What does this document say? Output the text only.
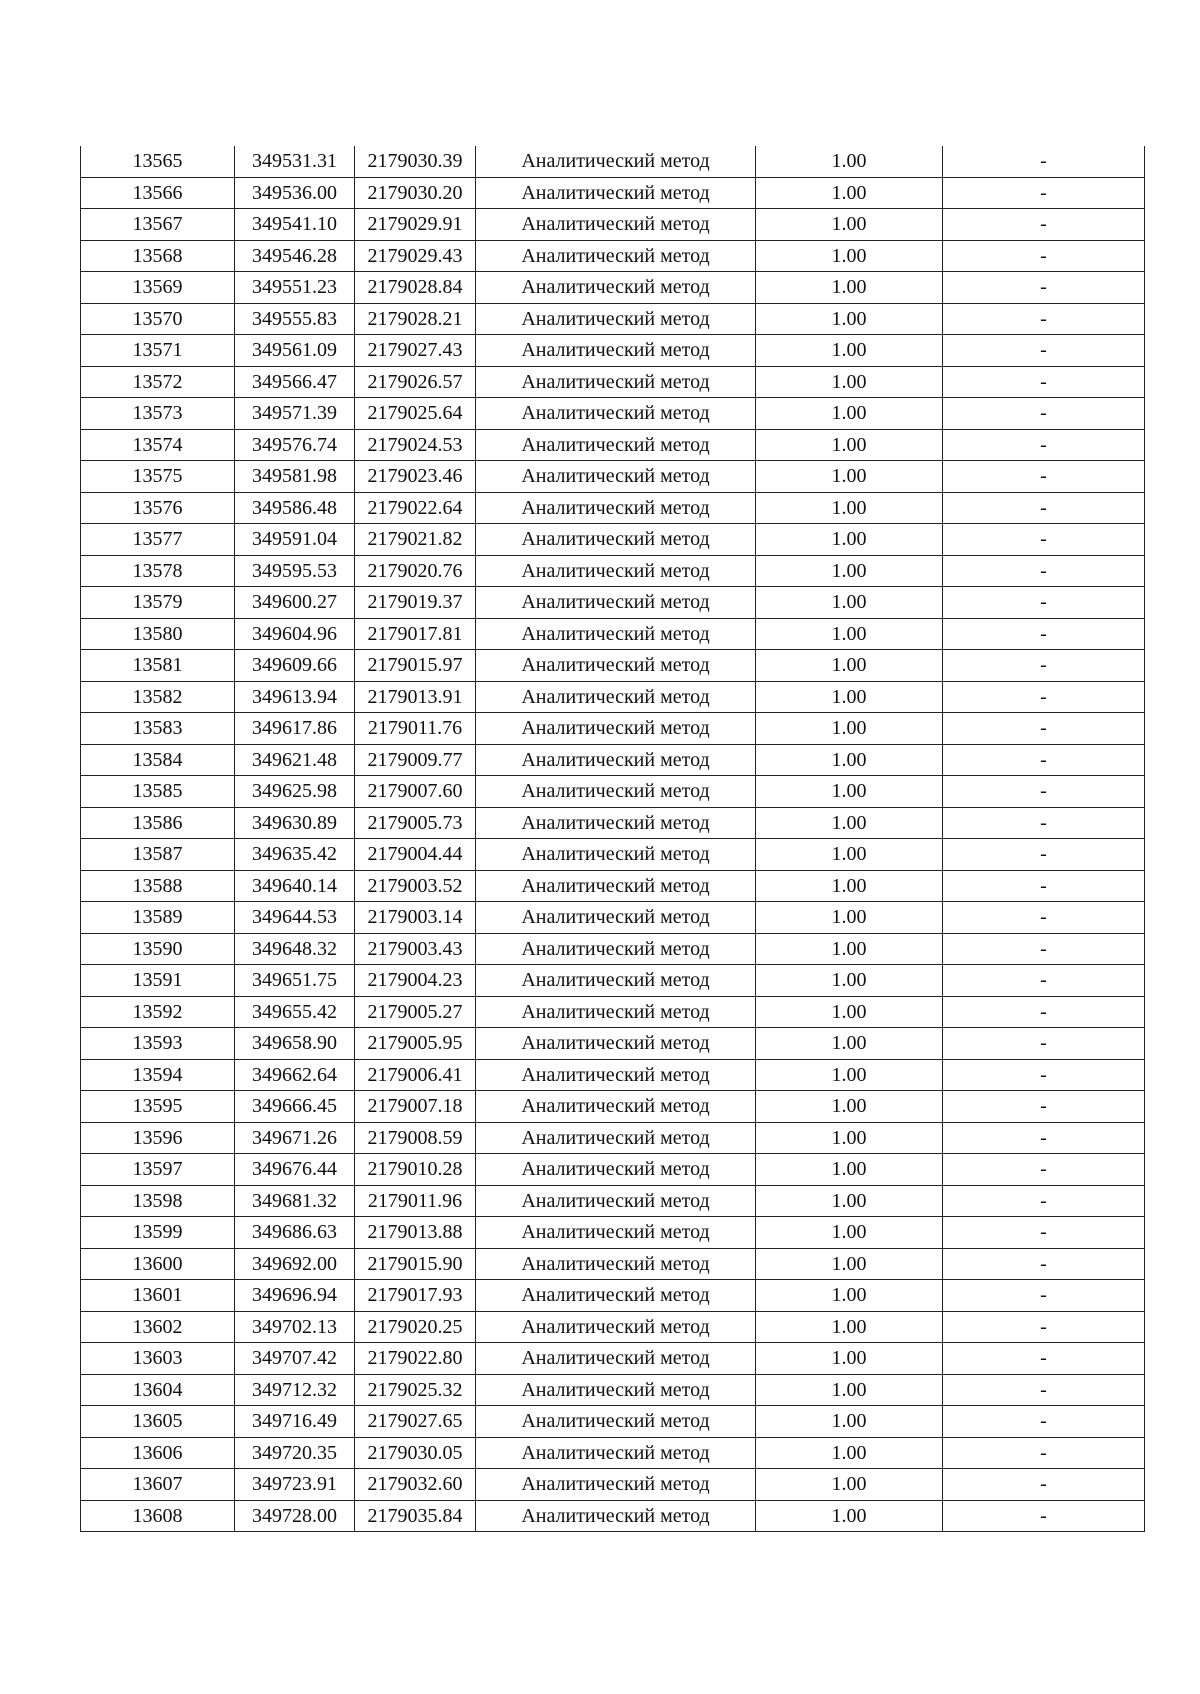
13565	349531.31	2179030.39	Аналитический метод	1.00	-
13566	349536.00	2179030.20	Аналитический метод	1.00	-
13567	349541.10	2179029.91	Аналитический метод	1.00	-
13568	349546.28	2179029.43	Аналитический метод	1.00	-
13569	349551.23	2179028.84	Аналитический метод	1.00	-
13570	349555.83	2179028.21	Аналитический метод	1.00	-
13571	349561.09	2179027.43	Аналитический метод	1.00	-
13572	349566.47	2179026.57	Аналитический метод	1.00	-
13573	349571.39	2179025.64	Аналитический метод	1.00	-
13574	349576.74	2179024.53	Аналитический метод	1.00	-
13575	349581.98	2179023.46	Аналитический метод	1.00	-
13576	349586.48	2179022.64	Аналитический метод	1.00	-
13577	349591.04	2179021.82	Аналитический метод	1.00	-
13578	349595.53	2179020.76	Аналитический метод	1.00	-
13579	349600.27	2179019.37	Аналитический метод	1.00	-
13580	349604.96	2179017.81	Аналитический метод	1.00	-
13581	349609.66	2179015.97	Аналитический метод	1.00	-
13582	349613.94	2179013.91	Аналитический метод	1.00	-
13583	349617.86	2179011.76	Аналитический метод	1.00	-
13584	349621.48	2179009.77	Аналитический метод	1.00	-
13585	349625.98	2179007.60	Аналитический метод	1.00	-
13586	349630.89	2179005.73	Аналитический метод	1.00	-
13587	349635.42	2179004.44	Аналитический метод	1.00	-
13588	349640.14	2179003.52	Аналитический метод	1.00	-
13589	349644.53	2179003.14	Аналитический метод	1.00	-
13590	349648.32	2179003.43	Аналитический метод	1.00	-
13591	349651.75	2179004.23	Аналитический метод	1.00	-
13592	349655.42	2179005.27	Аналитический метод	1.00	-
13593	349658.90	2179005.95	Аналитический метод	1.00	-
13594	349662.64	2179006.41	Аналитический метод	1.00	-
13595	349666.45	2179007.18	Аналитический метод	1.00	-
13596	349671.26	2179008.59	Аналитический метод	1.00	-
13597	349676.44	2179010.28	Аналитический метод	1.00	-
13598	349681.32	2179011.96	Аналитический метод	1.00	-
13599	349686.63	2179013.88	Аналитический метод	1.00	-
13600	349692.00	2179015.90	Аналитический метод	1.00	-
13601	349696.94	2179017.93	Аналитический метод	1.00	-
13602	349702.13	2179020.25	Аналитический метод	1.00	-
13603	349707.42	2179022.80	Аналитический метод	1.00	-
13604	349712.32	2179025.32	Аналитический метод	1.00	-
13605	349716.49	2179027.65	Аналитический метод	1.00	-
13606	349720.35	2179030.05	Аналитический метод	1.00	-
13607	349723.91	2179032.60	Аналитический метод	1.00	-
13608	349728.00	2179035.84	Аналитический метод	1.00	-
